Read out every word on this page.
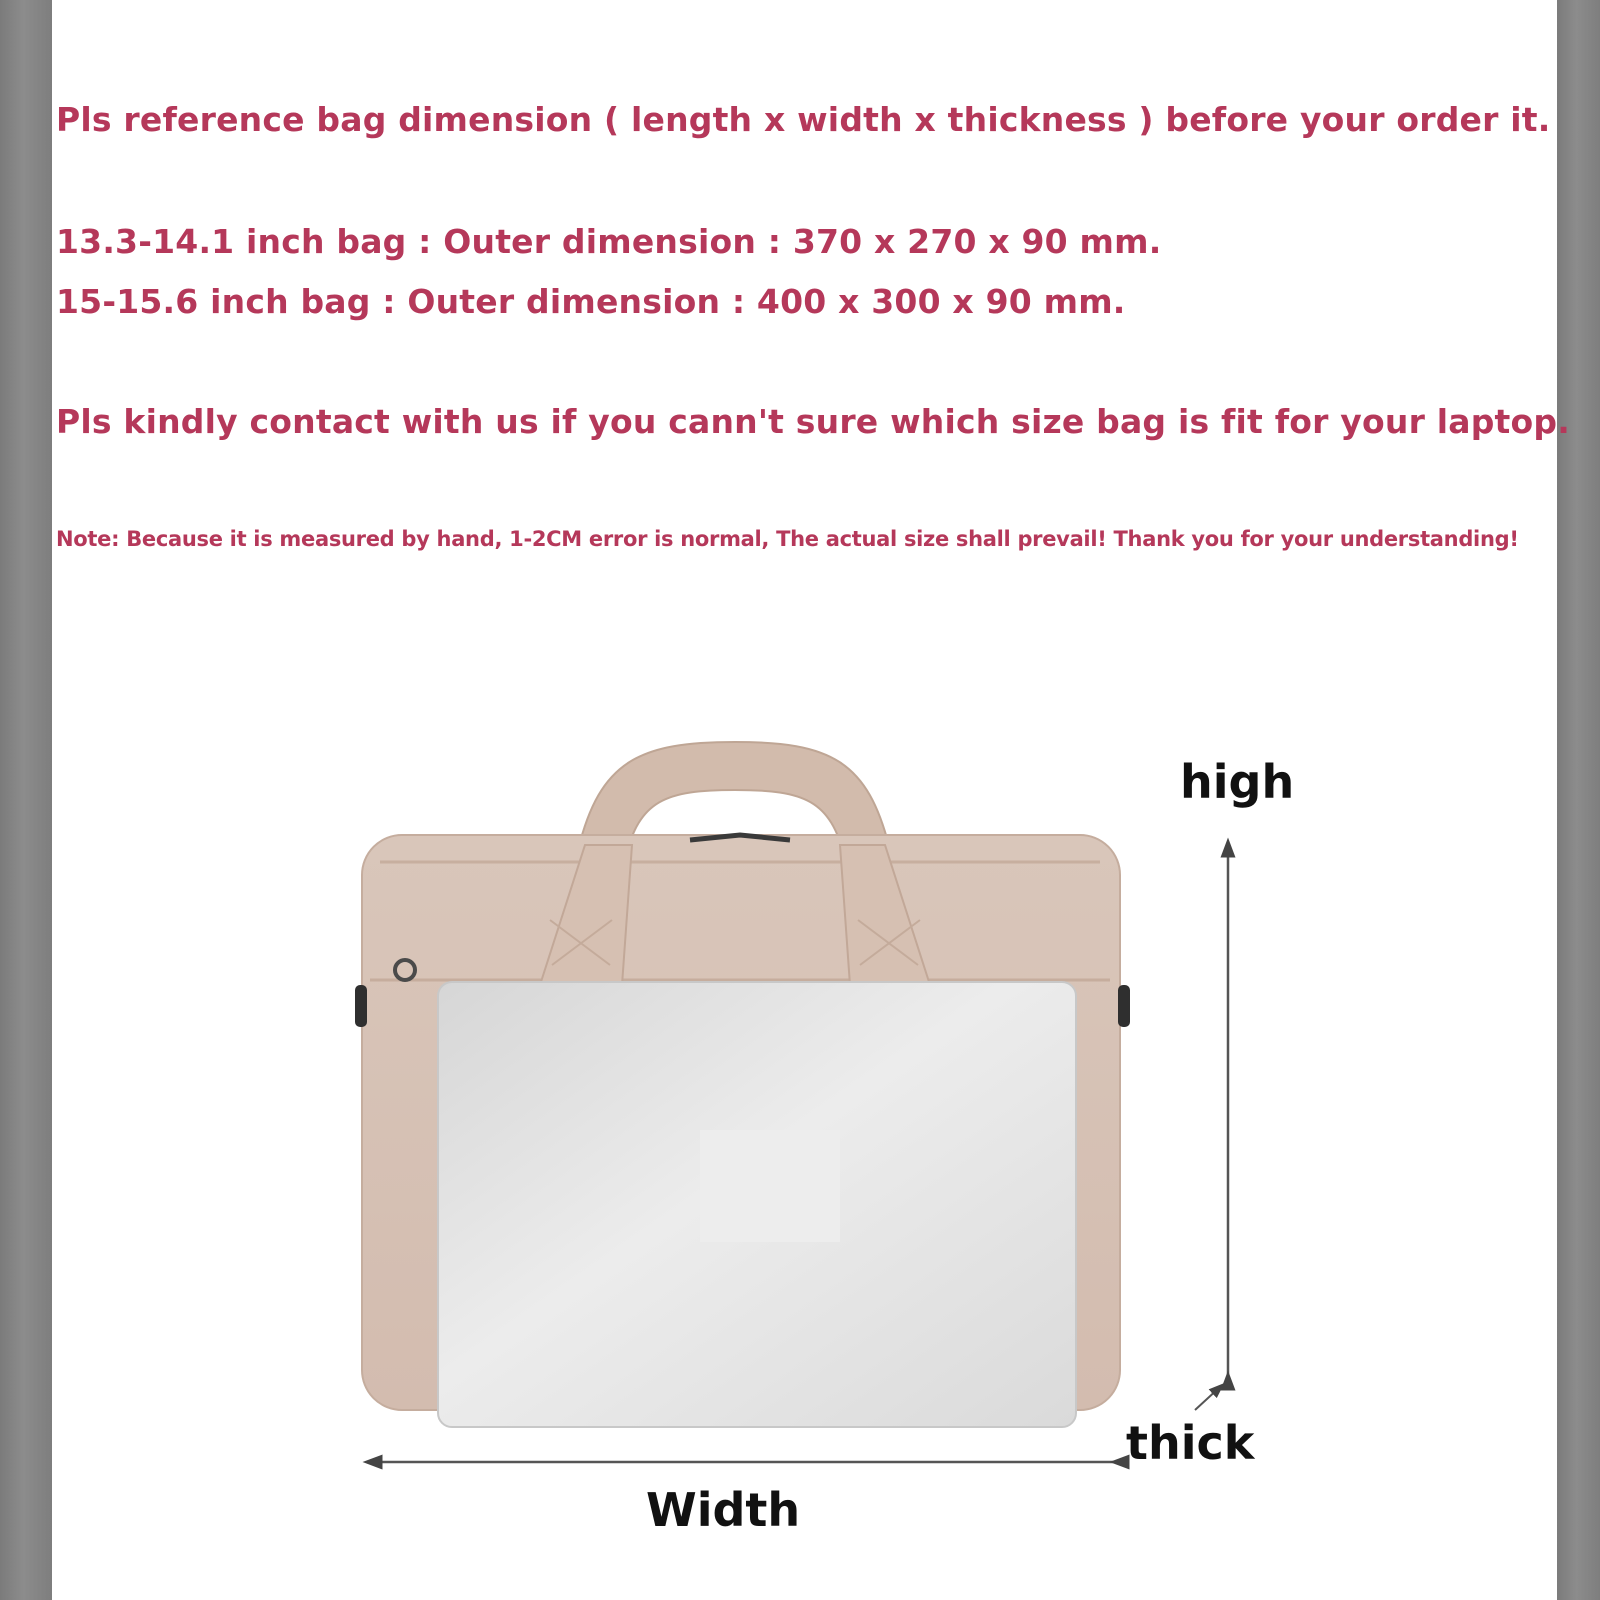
Pls reference bag dimension ( length x width x thickness ) before your order it.
13.3-14.1 inch bag : Outer dimension : 370 x 270 x 90 mm.
15-15.6 inch bag : Outer dimension : 400 x 300 x 90 mm.
Pls kindly contact with us if you cann't sure which size bag is fit for your laptop.
Note: Because it is measured by hand, 1-2CM error is normal, The actual size shall prevail! Thank you for your understanding!
high
thick
Width
